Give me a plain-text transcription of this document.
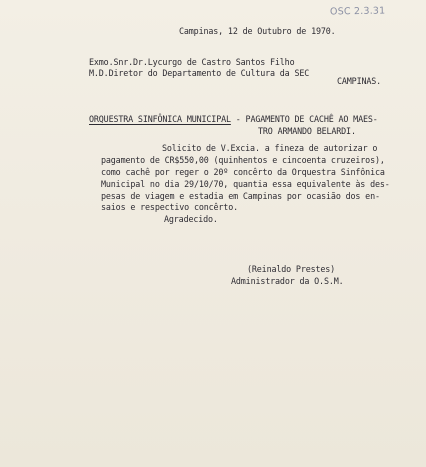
OSC 2.3.31
Campinas, 12 de Outubro de 1970.
Exmo.Snr.Dr.Lycurgo de Castro Santos Filho
M.D.Diretor do Departamento de Cultura da SEC
CAMPINAS.
ORQUESTRA SINFÔNICA MUNICIPAL - PAGAMENTO DE CACHÊ AO MAES-
TRO ARMANDO BELARDI.
Solicito de V.Excia. a fineza de autorizar o
pagamento de CR$550,00 (quinhentos e cincoenta cruzeiros),
como cachê por reger o 20º concêrto da Orquestra Sinfônica
Municipal no dia 29/10/70, quantia essa equivalente às des-
pesas de viagem e estadia em Campinas por ocasião dos en-
saios e respectivo concêrto.
Agradecido.
(Reinaldo Prestes)
Administrador da O.S.M.
